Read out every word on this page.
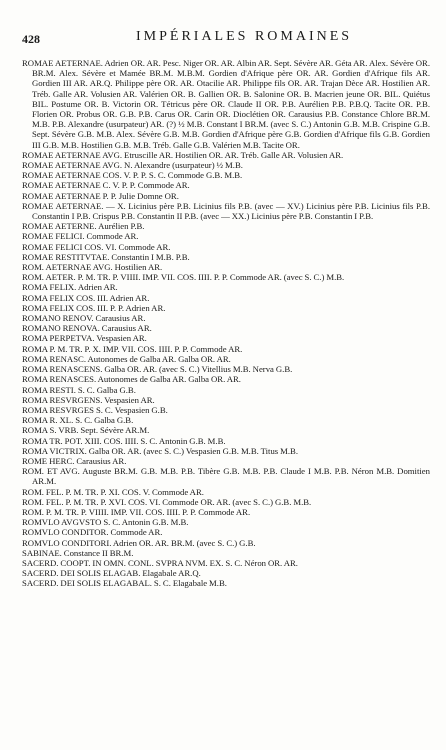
428	IMPÉRIALES ROMAINES
ROMAE AETERNAE. Adrien OR. AR. Pesc. Niger OR. AR. Albin AR. Sept. Sévère AR. Géta AR. Alex. Sévère OR. BR.M. Alex. Sévère et Mamée BR.M. M.B.M. Gordien d'Afrique père OR. AR. Gordien d'Afrique fils AR. Gordien III AR. AR.Q. Philippe père OR. AR. Otacilie AR. Philippe fils OR. AR. Trajan Dèce AR. Hostilien AR. Tréb. Galle AR. Volusien AR. Valérien OR. B. Gallien OR. B. Salonine OR. B. Macrien jeune OR. BIL. Quiétus BIL. Postume OR. B. Victorin OR. Tétricus père OR. Claude II OR. P.B. Aurélien P.B. P.B.Q. Tacite OR. P.B. Florien OR. Probus OR. G.B. P.B. Carus OR. Carin OR. Dioclétien OR. Carausius P.B. Constance Chlore BR.M. M.B. P.B. Alexandre (usurpateur) AR. (?) ½ M.B. Constant I BR.M. (avec S. C.) Antonin G.B. M.B. Crispine G.B. Sept. Sévère G.B. M.B. Alex. Sévère G.B. M.B. Gordien d'Afrique père G.B. Gordien d'Afrique fils G.B. Gordien III G.B. M.B. Hostilien G.B. M.B. Tréb. Galle G.B. Valérien M.B. Tacite OR.
ROMAE AETERNAE AVG. Etruscille AR. Hostilien OR. AR. Tréb. Galle AR. Volusien AR.
ROMAE AETERNAE AVG. N. Alexandre (usurpateur) ½ M.B.
ROMAE AETERNAE COS. V. P. P. S. C. Commode G.B. M.B.
ROMAE AETERNAE C. V. P. P. Commode AR.
ROMAE AETERNAE P. P. Julie Domne OR.
ROMAE AETERNAE. — X. Licinius père P.B. Licinius fils P.B. (avec — XV.) Licinius père P.B. Licinius fils P.B. Constantin I P.B. Crispus P.B. Constantin II P.B. (avec — XX.) Licinius père P.B. Constantin I P.B.
ROMAE AETERNE. Aurélien P.B.
ROMAE FELICI. Commode AR.
ROMAE FELICI COS. VI. Commode AR.
ROMAE RESTITVTAE. Constantin I M.B. P.B.
ROM. AETERNAE AVG. Hostilien AR.
ROM. AETER. P. M. TR. P. VIIII. IMP. VII. COS. IIII. P. P. Commode AR. (avec S. C.) M.B.
ROMA FELIX. Adrien AR.
ROMA FELIX COS. III. Adrien AR.
ROMA FELIX COS. III. P. P. Adrien AR.
ROMANO RENOV. Carausius AR.
ROMANO RENOVA. Carausius AR.
ROMA PERPETVA. Vespasien AR.
ROMA P. M. TR. P. X. IMP. VII. COS. IIII. P. P. Commode AR.
ROMA RENASC. Autonomes de Galba AR. Galba OR. AR.
ROMA RENASCENS. Galba OR. AR. (avec S. C.) Vitellius M.B. Nerva G.B.
ROMA RENASCES. Autonomes de Galba AR. Galba OR. AR.
ROMA RESTI. S. C. Galba G.B.
ROMA RESVRGENS. Vespasien AR.
ROMA RESVRGES S. C. Vespasien G.B.
ROMA R. XL. S. C. Galba G.B.
ROMA S. VRB. Sept. Sévère AR.M.
ROMA TR. POT. XIII. COS. IIII. S. C. Antonin G.B. M.B.
ROMA VICTRIX. Galba OR. AR. (avec S. C.) Vespasien G.B. M.B. Titus M.B.
ROME HERC. Carausius AR.
ROM. ET AVG. Auguste BR.M. G.B. M.B. P.B. Tibère G.B. M.B. P.B. Claude I M.B. P.B. Néron M.B. Domitien AR.M.
ROM. FEL. P. M. TR. P. XI. COS. V. Commode AR.
ROM. FEL. P. M. TR. P. XVI. COS. VI. Commode OR. AR. (avec S. C.) G.B. M.B.
ROM. P. M. TR. P. VIIII. IMP. VII. COS. IIII. P. P. Commode AR.
ROMVLO AVGVSTO S. C. Antonin G.B. M.B.
ROMVLO CONDITOR. Commode AR.
ROMVLO CONDITORI. Adrien OR. AR. BR.M. (avec S. C.) G.B.
SABINAE. Constance II BR.M.
SACERD. COOPT. IN OMN. CONL. SVPRA NVM. EX. S. C. Néron OR. AR.
SACERD. DEI SOLIS ELAGAB. Elagabale AR.Q.
SACERD. DEI SOLIS ELAGABAL. S. C. Elagabale M.B.
